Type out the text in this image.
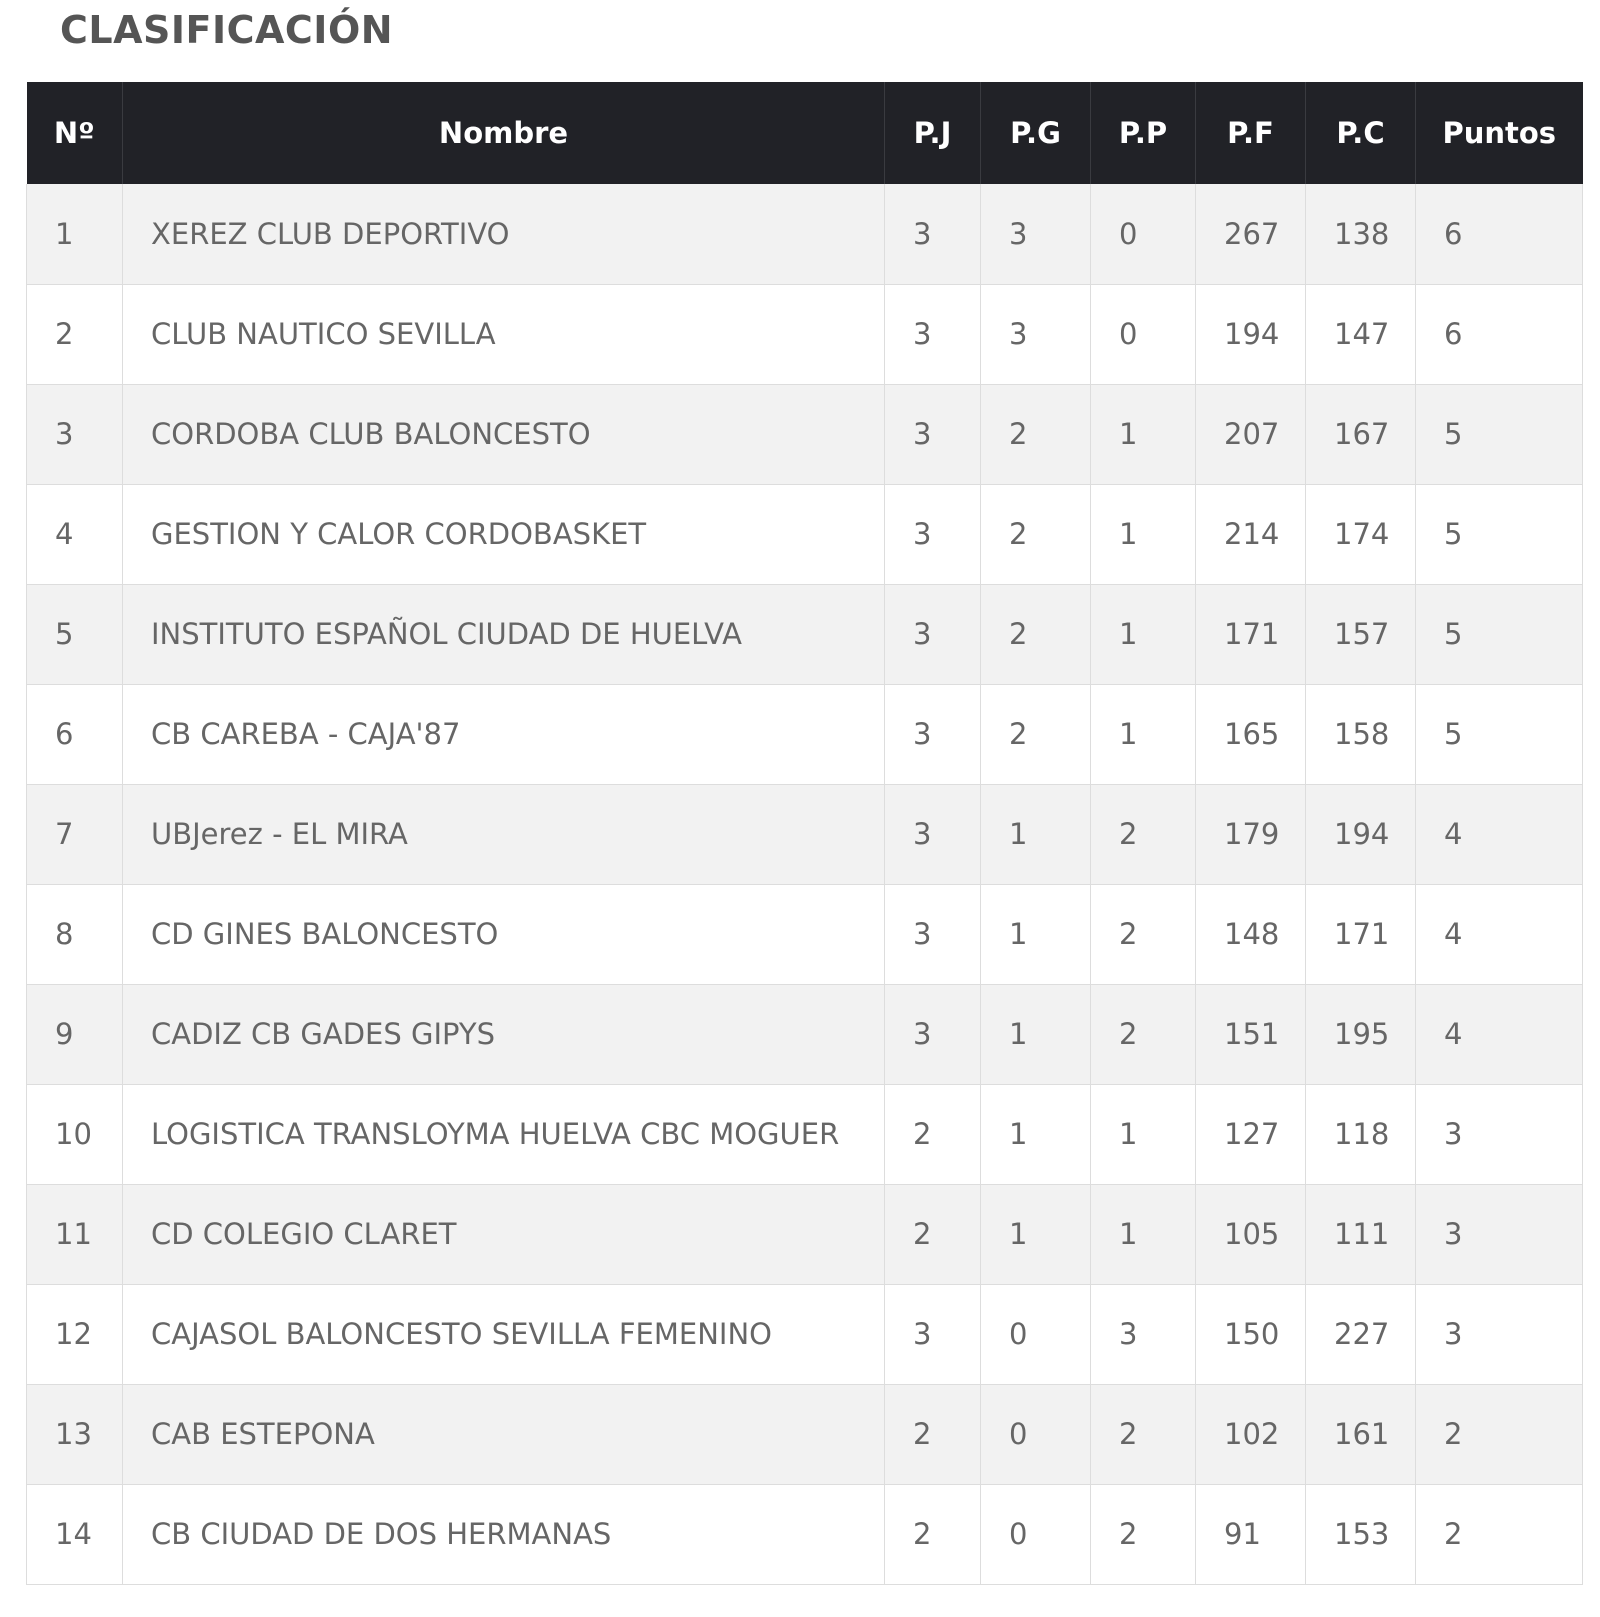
CLASIFICACIÓN
Nº	Nombre	P.J	P.G	P.P	P.F	P.C	Puntos
1	XEREZ CLUB DEPORTIVO	3	3	0	267	138	6
2	CLUB NAUTICO SEVILLA	3	3	0	194	147	6
3	CORDOBA CLUB BALONCESTO	3	2	1	207	167	5
4	GESTION Y CALOR CORDOBASKET	3	2	1	214	174	5
5	INSTITUTO ESPAÑOL CIUDAD DE HUELVA	3	2	1	171	157	5
6	CB CAREBA - CAJA'87	3	2	1	165	158	5
7	UBJerez - EL MIRA	3	1	2	179	194	4
8	CD GINES BALONCESTO	3	1	2	148	171	4
9	CADIZ CB GADES GIPYS	3	1	2	151	195	4
10	LOGISTICA TRANSLOYMA HUELVA CBC MOGUER	2	1	1	127	118	3
11	CD COLEGIO CLARET	2	1	1	105	111	3
12	CAJASOL BALONCESTO SEVILLA FEMENINO	3	0	3	150	227	3
13	CAB ESTEPONA	2	0	2	102	161	2
14	CB CIUDAD DE DOS HERMANAS	2	0	2	91	153	2
